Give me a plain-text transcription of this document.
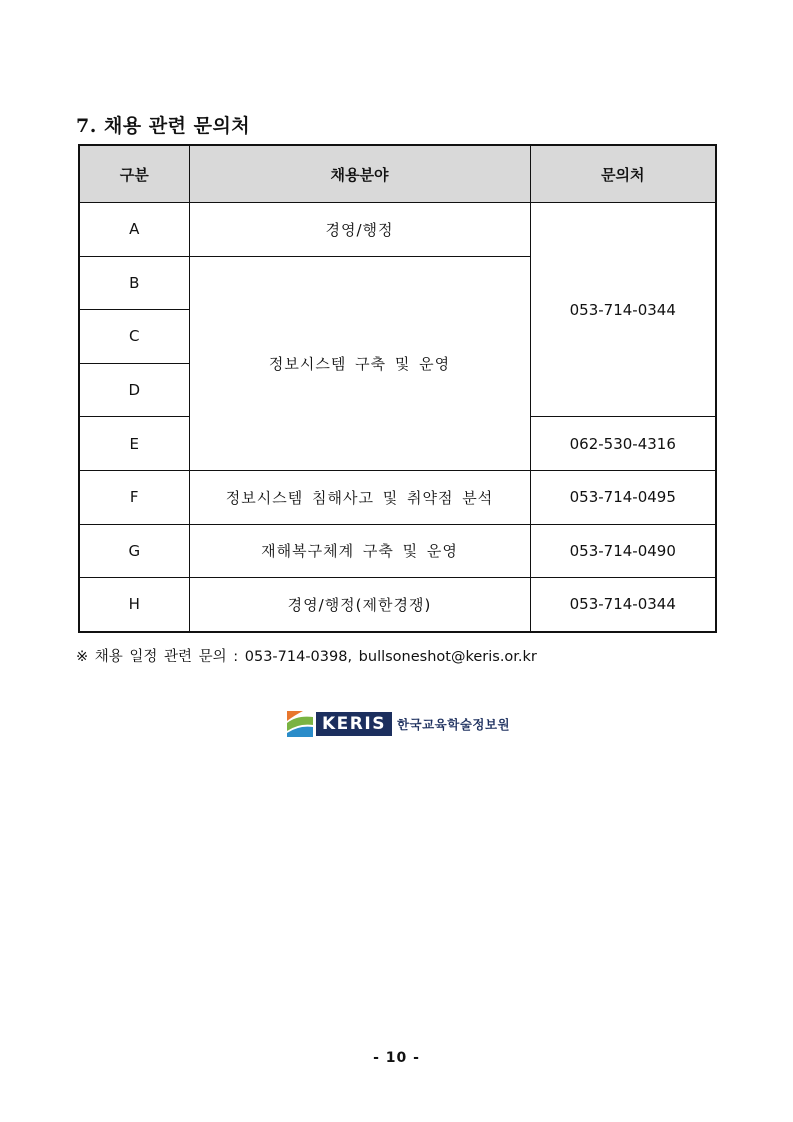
7. 채용 관련 문의처
구분	채용분야	문의처
A	경영/행정	053-714-0344
B	정보시스템 구축 및 운영	
C		
D		
E		062-530-4316
F	정보시스템 침해사고 및 취약점 분석	053-714-0495
G	재해복구체계 구축 및 운영	053-714-0490
H	경영/행정(제한경쟁)	053-714-0344

※ 채용 일정 관련 문의 : 053-714-0398, bullsoneshot@keris.or.kr

KERIS 한국교육학술정보원
- 10 -
